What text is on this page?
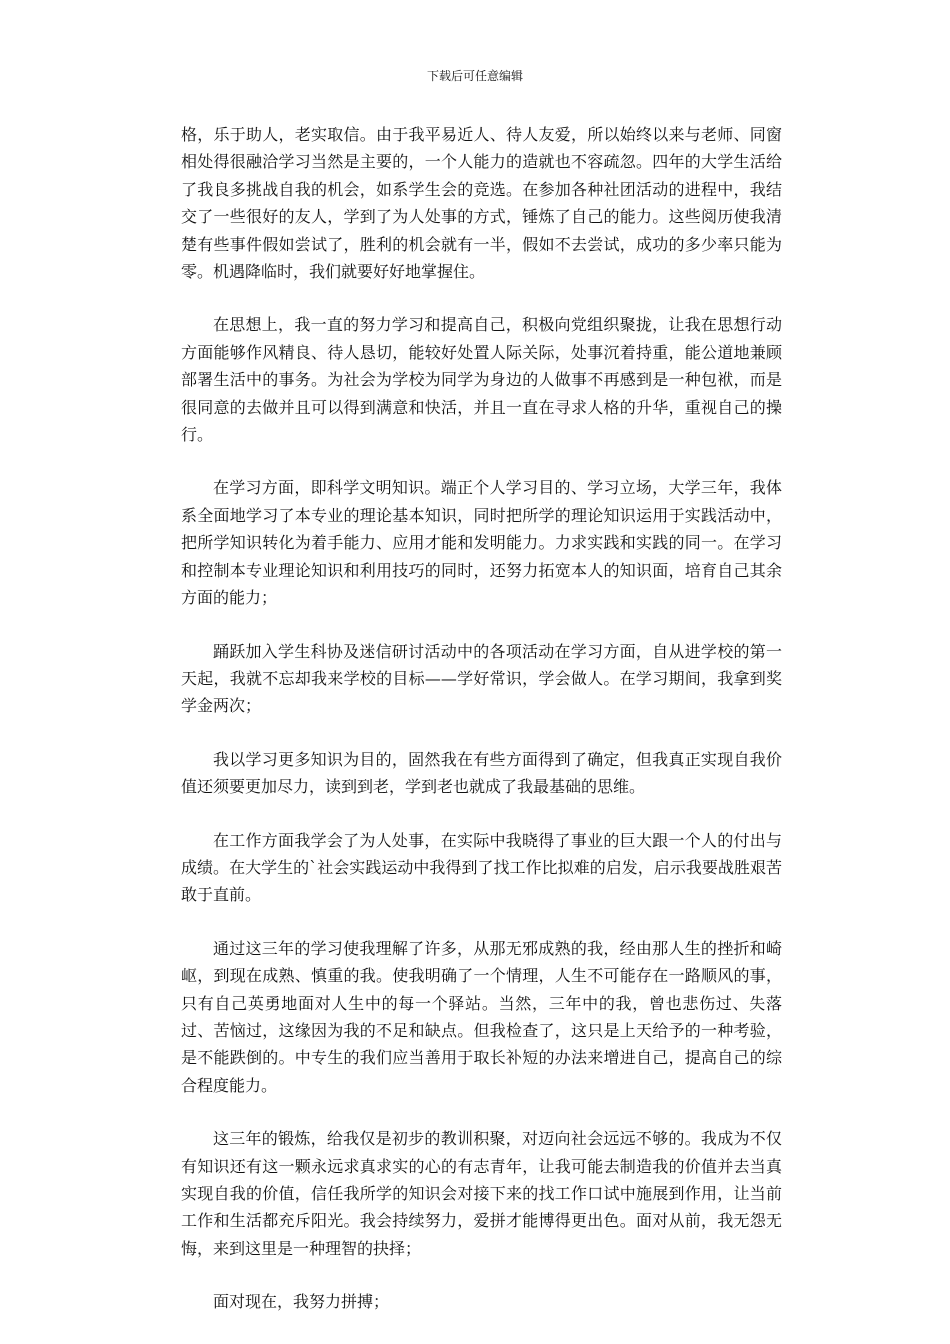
下载后可任意编辑

格，乐于助人，老实取信。由于我平易近人、待人友爱，所以始终以来与老师、同窗相处得很融洽学习当然是主要的，一个人能力的造就也不容疏忽。四年的大学生活给了我良多挑战自我的机会，如系学生会的竞选。在参加各种社团活动的进程中，我结交了一些很好的友人，学到了为人处事的方式，锤炼了自己的能力。这些阅历使我清楚有些事件假如尝试了，胜利的机会就有一半，假如不去尝试，成功的多少率只能为零。机遇降临时，我们就要好好地掌握住。

在思想上，我一直的努力学习和提高自己，积极向党组织聚拢，让我在思想行动方面能够作风精良、待人恳切，能较好处置人际关际，处事沉着持重，能公道地兼顾部署生活中的事务。为社会为学校为同学为身边的人做事不再感到是一种包袱，而是很同意的去做并且可以得到满意和快活，并且一直在寻求人格的升华，重视自己的操行。

在学习方面，即科学文明知识。端正个人学习目的、学习立场，大学三年，我体系全面地学习了本专业的理论基本知识，同时把所学的理论知识运用于实践活动中，把所学知识转化为着手能力、应用才能和发明能力。力求实践和实践的同一。在学习和控制本专业理论知识和利用技巧的同时，还努力拓宽本人的知识面，培育自己其余方面的能力；

踊跃加入学生科协及迷信研讨活动中的各项活动在学习方面，自从进学校的第一天起，我就不忘却我来学校的目标——学好常识，学会做人。在学习期间，我拿到奖学金两次；

我以学习更多知识为目的，固然我在有些方面得到了确定，但我真正实现自我价值还须要更加尽力，读到到老，学到老也就成了我最基础的思维。

在工作方面我学会了为人处事，在实际中我晓得了事业的巨大跟一个人的付出与成绩。在大学生的`社会实践运动中我得到了找工作比拟难的启发，启示我要战胜艰苦敢于直前。

通过这三年的学习使我理解了许多，从那无邪成熟的我，经由那人生的挫折和崎岖，到现在成熟、慎重的我。使我明确了一个情理，人生不可能存在一路顺风的事，只有自己英勇地面对人生中的每一个驿站。当然，三年中的我，曾也悲伤过、失落过、苦恼过，这缘因为我的不足和缺点。但我检查了，这只是上天给予的一种考验，是不能跌倒的。中专生的我们应当善用于取长补短的办法来增进自己，提高自己的综合程度能力。

这三年的锻炼，给我仅是初步的教训积聚，对迈向社会远远不够的。我成为不仅有知识还有这一颗永远求真求实的心的有志青年，让我可能去制造我的价值并去当真实现自我的价值，信任我所学的知识会对接下来的找工作口试中施展到作用，让当前工作和生活都充斥阳光。我会持续努力，爱拼才能博得更出色。面对从前，我无怨无悔，来到这里是一种理智的抉择；

面对现在，我努力拼搏；
